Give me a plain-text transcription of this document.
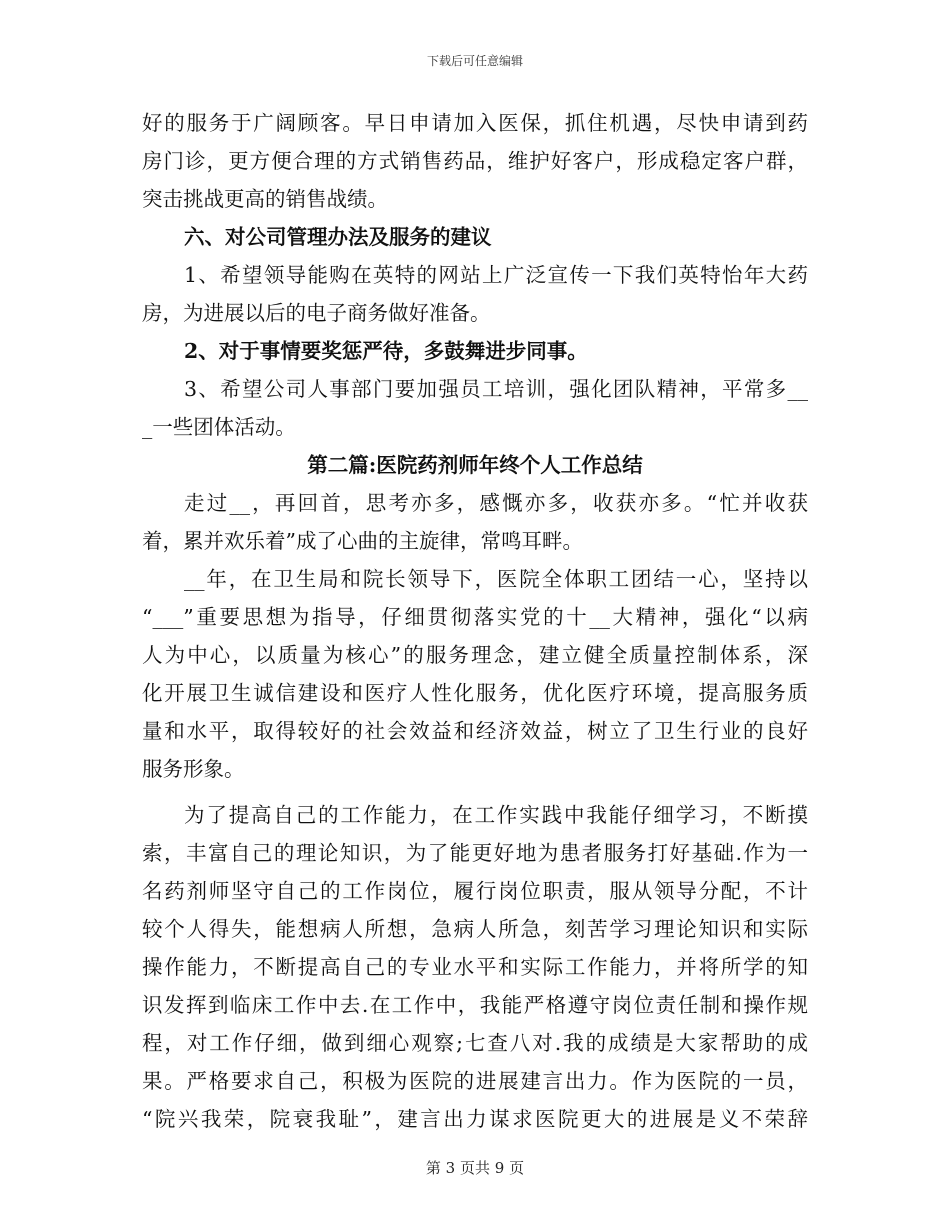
下载后可任意编辑
好的服务于广阔顾客。早日申请加入医保，抓住机遇，尽快申请到药
房门诊，更方便合理的方式销售药品，维护好客户，形成稳定客户群，
突击挑战更高的销售战绩。
六、对公司管理办法及服务的建议
1、希望领导能购在英特的网站上广泛宣传一下我们英特怡年大药
房，为进展以后的电子商务做好准备。
2、对于事情要奖惩严待，多鼓舞进步同事。
3、希望公司人事部门要加强员工培训，强化团队精神，平常多__
_一些团体活动。
第二篇:医院药剂师年终个人工作总结
走过__，再回首，思考亦多，感慨亦多，收获亦多。“忙并收获
着，累并欢乐着”成了心曲的主旋律，常鸣耳畔。
__年，在卫生局和院长领导下，医院全体职工团结一心，坚持以
“___”重要思想为指导，仔细贯彻落实党的十__大精神，强化“以病
人为中心，以质量为核心”的服务理念，建立健全质量控制体系，深
化开展卫生诚信建设和医疗人性化服务，优化医疗环境，提高服务质
量和水平，取得较好的社会效益和经济效益，树立了卫生行业的良好
服务形象。
为了提高自己的工作能力，在工作实践中我能仔细学习，不断摸
索，丰富自己的理论知识，为了能更好地为患者服务打好基础.作为一
名药剂师坚守自己的工作岗位，履行岗位职责，服从领导分配，不计
较个人得失，能想病人所想，急病人所急，刻苦学习理论知识和实际
操作能力，不断提高自己的专业水平和实际工作能力，并将所学的知
识发挥到临床工作中去.在工作中，我能严格遵守岗位责任制和操作规
程，对工作仔细，做到细心观察;七查八对.我的成绩是大家帮助的成
果。严格要求自己，积极为医院的进展建言出力。作为医院的一员，
“院兴我荣，院衰我耻”，建言出力谋求医院更大的进展是义不荣辞
第 3 页共 9 页
